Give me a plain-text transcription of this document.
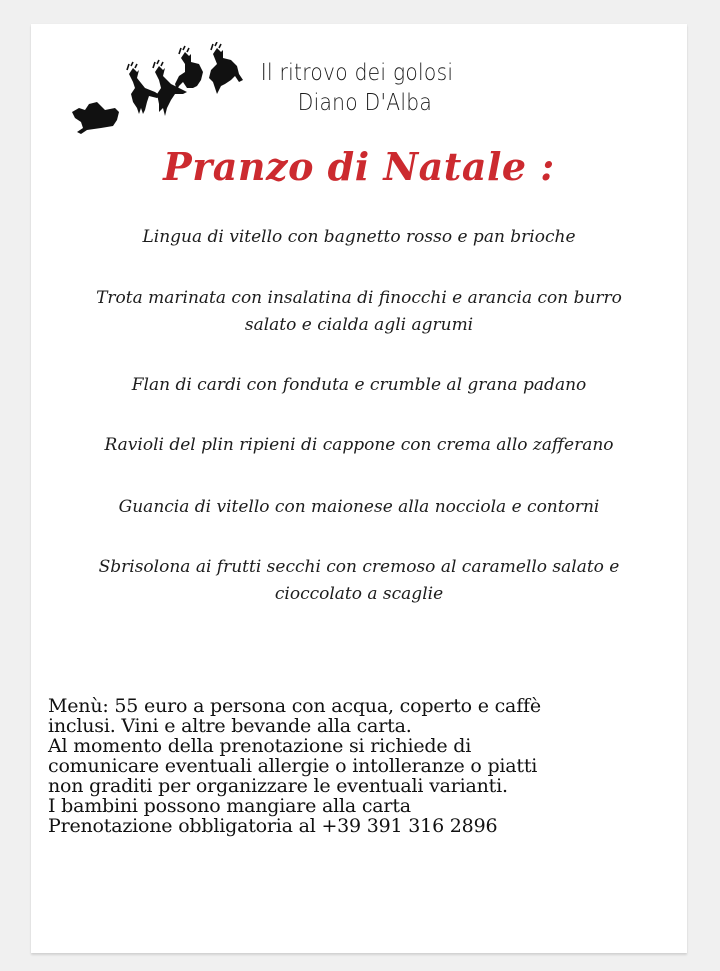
Il ritrovo dei golosi
Diano D'Alba
Pranzo di Natale :
Lingua di vitello con bagnetto rosso e pan brioche
Trota marinata con insalatina di finocchi e arancia con burro
salato e cialda agli agrumi
Flan di cardi con fonduta e crumble al grana padano
Ravioli del plin ripieni di cappone con crema allo zafferano
Guancia di vitello con maionese alla nocciola e contorni
Sbrisolona ai frutti secchi con cremoso al caramello salato e
cioccolato a scaglie
Menù: 55 euro a persona con acqua, coperto e caffè
inclusi. Vini e altre bevande alla carta.
Al momento della prenotazione si richiede di
comunicare eventuali allergie o intolleranze o piatti
non graditi per organizzare le eventuali varianti.
I bambini possono mangiare alla carta
Prenotazione obbligatoria al +39 391 316 2896
